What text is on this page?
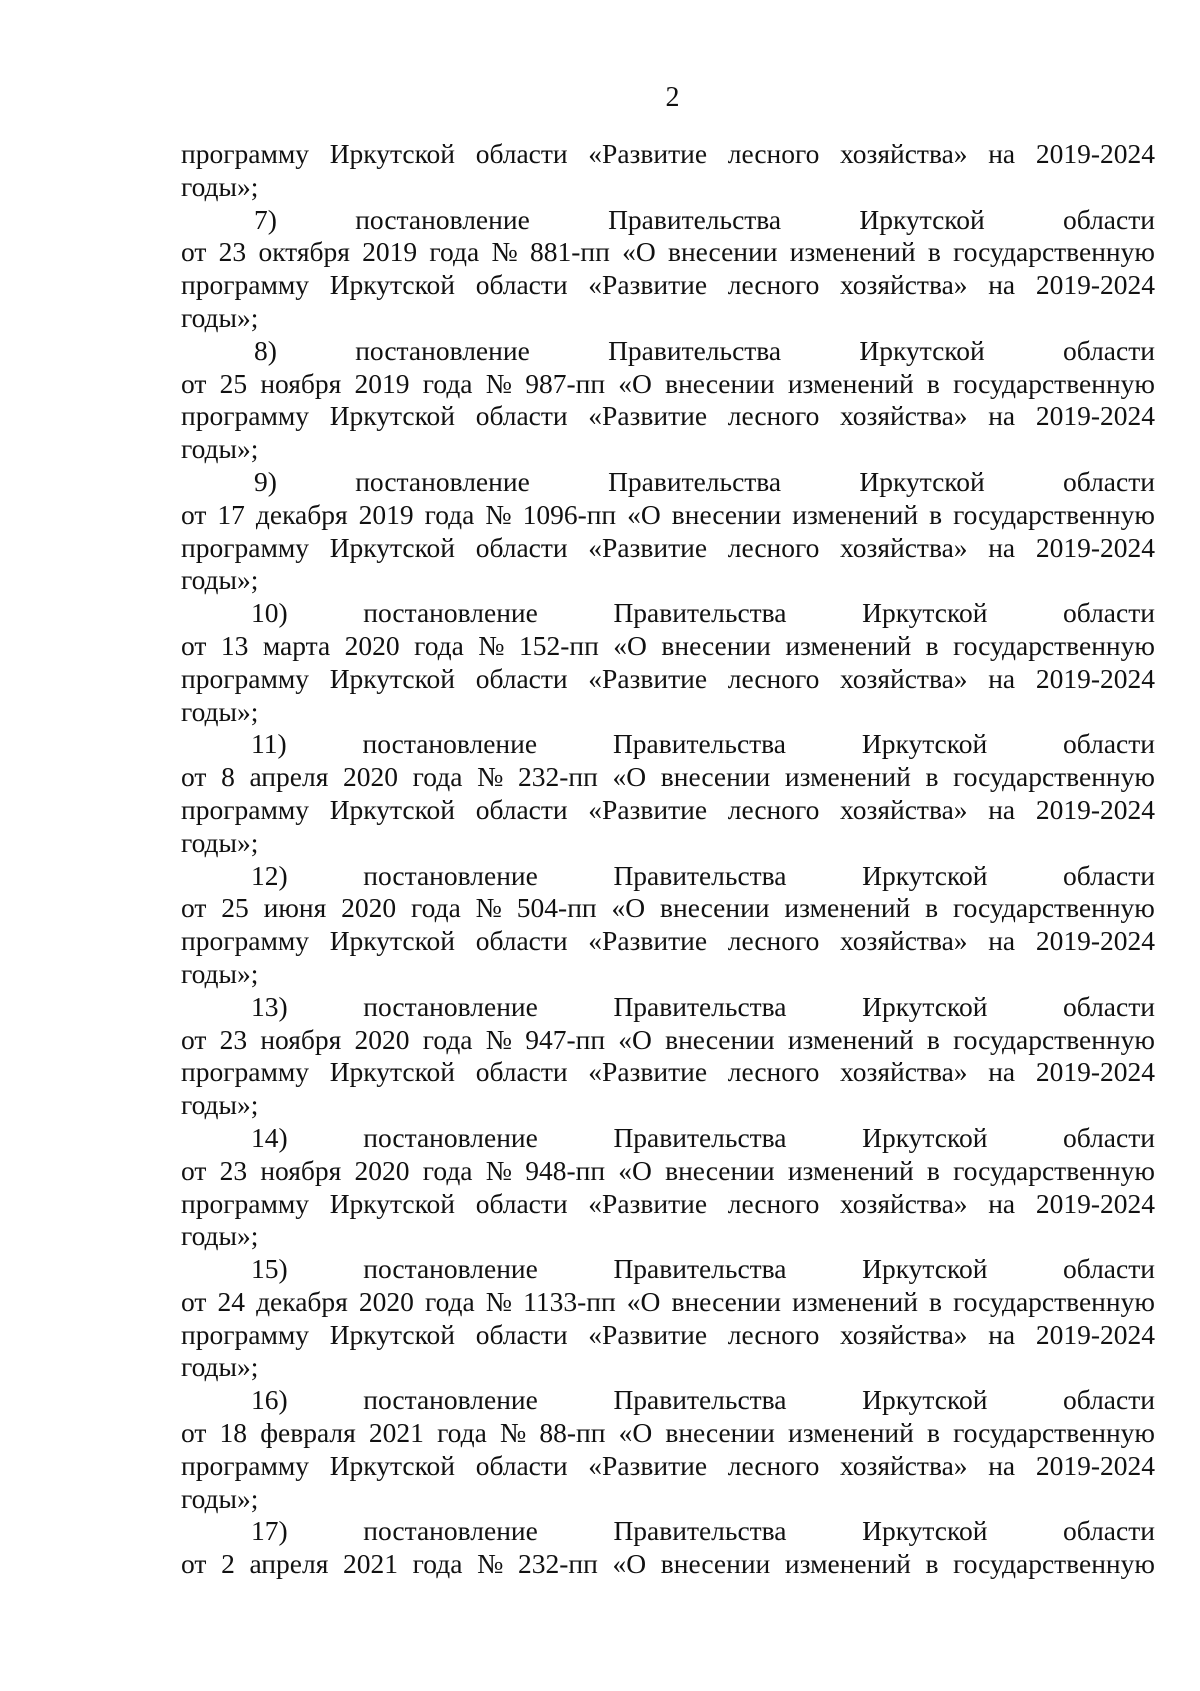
2
программу Иркутской области «Развитие лесного хозяйства» на 2019-2024
годы»;
7)	постановление	Правительства	Иркутской	области
от 23 октября 2019 года № 881-пп «О внесении изменений в государственную
программу Иркутской области «Развитие лесного хозяйства» на 2019-2024
годы»;
8)	постановление	Правительства	Иркутской	области
от 25 ноября 2019 года № 987-пп «О внесении изменений в государственную
программу Иркутской области «Развитие лесного хозяйства» на 2019-2024
годы»;
9)	постановление	Правительства	Иркутской	области
от 17 декабря 2019 года № 1096-пп «О внесении изменений в государственную
программу Иркутской области «Развитие лесного хозяйства» на 2019-2024
годы»;
10)	постановление	Правительства	Иркутской	области
от 13 марта 2020 года № 152-пп «О внесении изменений в государственную
программу Иркутской области «Развитие лесного хозяйства» на 2019-2024
годы»;
11)	постановление	Правительства	Иркутской	области
от 8 апреля 2020 года № 232-пп «О внесении изменений в государственную
программу Иркутской области «Развитие лесного хозяйства» на 2019-2024
годы»;
12)	постановление	Правительства	Иркутской	области
от 25 июня 2020 года № 504-пп «О внесении изменений в государственную
программу Иркутской области «Развитие лесного хозяйства» на 2019-2024
годы»;
13)	постановление	Правительства	Иркутской	области
от 23 ноября 2020 года № 947-пп «О внесении изменений в государственную
программу Иркутской области «Развитие лесного хозяйства» на 2019-2024
годы»;
14)	постановление	Правительства	Иркутской	области
от 23 ноября 2020 года № 948-пп «О внесении изменений в государственную
программу Иркутской области «Развитие лесного хозяйства» на 2019-2024
годы»;
15)	постановление	Правительства	Иркутской	области
от 24 декабря 2020 года № 1133-пп «О внесении изменений в государственную
программу Иркутской области «Развитие лесного хозяйства» на 2019-2024
годы»;
16)	постановление	Правительства	Иркутской	области
от 18 февраля 2021 года № 88-пп «О внесении изменений в государственную
программу Иркутской области «Развитие лесного хозяйства» на 2019-2024
годы»;
17)	постановление	Правительства	Иркутской	области
от 2 апреля 2021 года № 232-пп «О внесении изменений в государственную
